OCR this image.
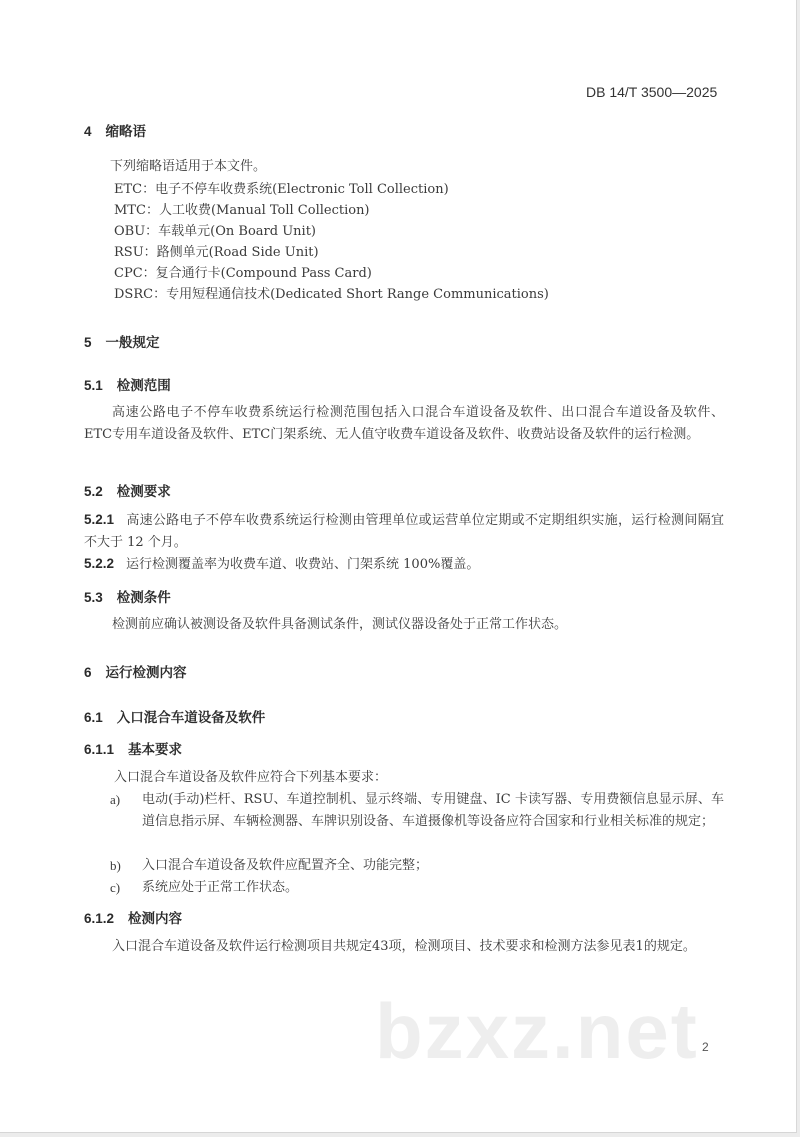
DB 14/T 3500—2025
4 缩略语
下列缩略语适用于本文件。
ETC：电子不停车收费系统(Electronic Toll Collection)
MTC：人工收费(Manual Toll Collection)
OBU：车载单元(On Board Unit)
RSU：路侧单元(Road Side Unit)
CPC：复合通行卡(Compound Pass Card)
DSRC：专用短程通信技术(Dedicated Short Range Communications)
5 一般规定
5.1 检测范围
高速公路电子不停车收费系统运行检测范围包括入口混合车道设备及软件、出口混合车道设备及软件、ETC专用车道设备及软件、ETC门架系统、无人值守收费车道设备及软件、收费站设备及软件的运行检测。
5.2 检测要求
5.2.1 高速公路电子不停车收费系统运行检测由管理单位或运营单位定期或不定期组织实施，运行检测间隔宜不大于 12 个月。
5.2.2 运行检测覆盖率为收费车道、收费站、门架系统 100%覆盖。
5.3 检测条件
检测前应确认被测设备及软件具备测试条件，测试仪器设备处于正常工作状态。
6 运行检测内容
6.1 入口混合车道设备及软件
6.1.1 基本要求
入口混合车道设备及软件应符合下列基本要求：
a) 电动(手动)栏杆、RSU、车道控制机、显示终端、专用键盘、IC 卡读写器、专用费额信息显示屏、车道信息指示屏、车辆检测器、车牌识别设备、车道摄像机等设备应符合国家和行业相关标准的规定；
b) 入口混合车道设备及软件应配置齐全、功能完整；
c) 系统应处于正常工作状态。
6.1.2 检测内容
入口混合车道设备及软件运行检测项目共规定43项，检测项目、技术要求和检测方法参见表1的规定。
bzxz.net 2
